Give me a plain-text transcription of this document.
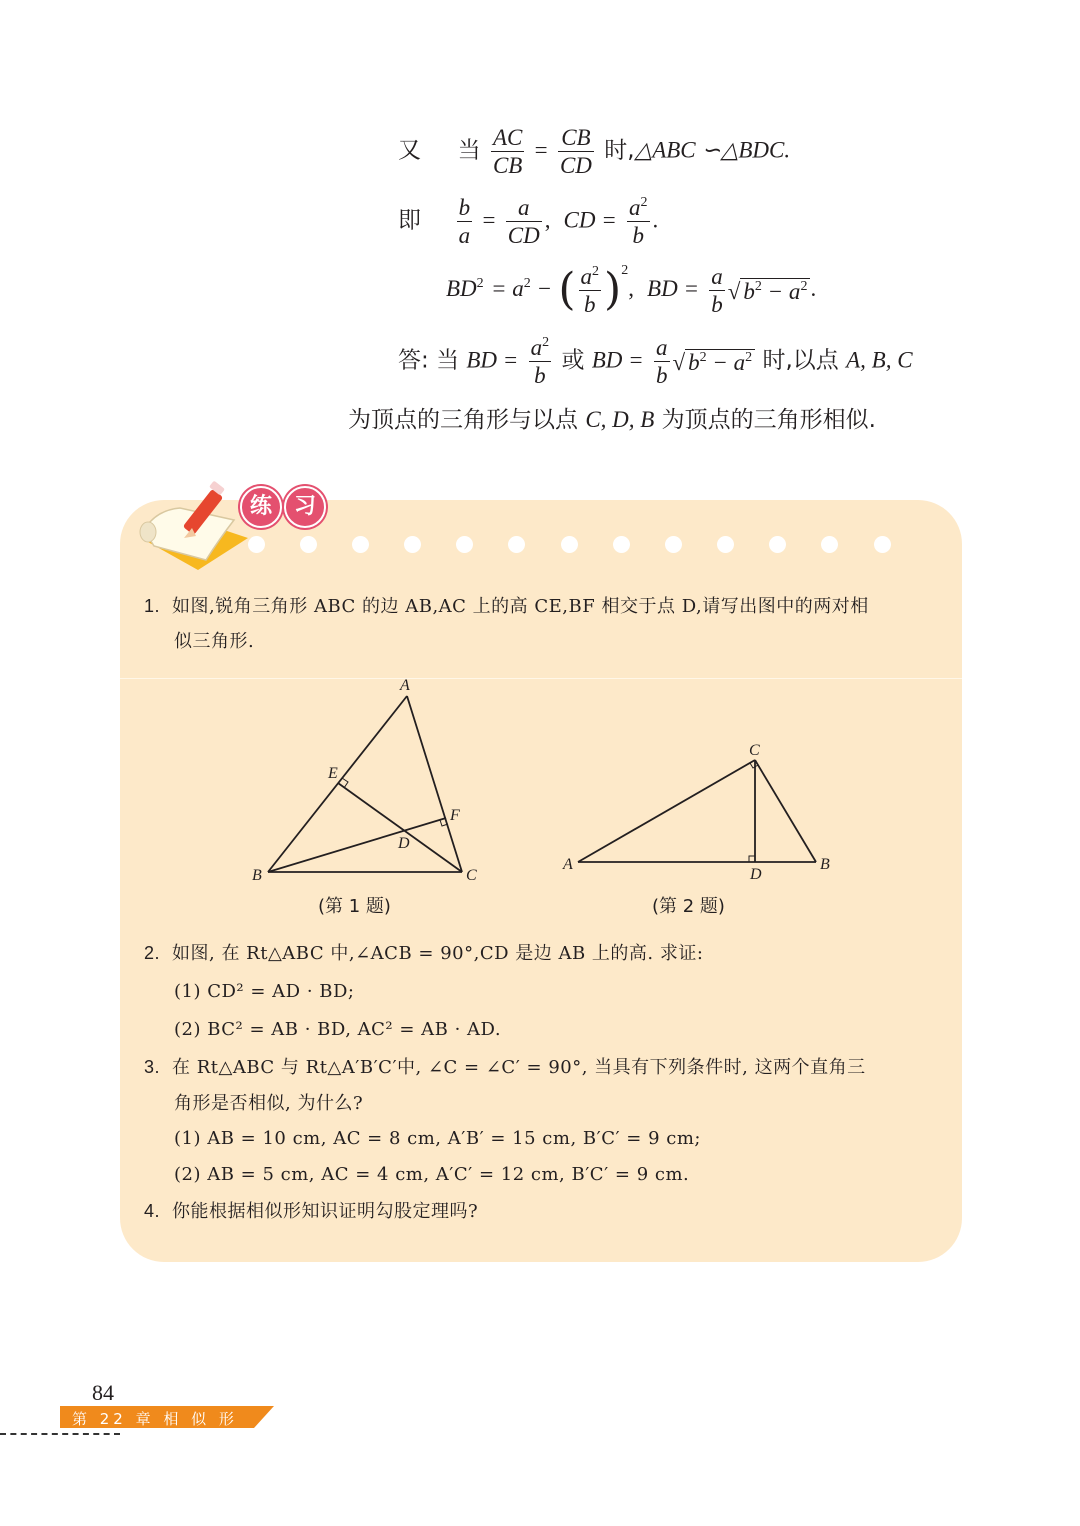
又 当 $\frac{AC}{CB} = \frac{CB}{CD}$ 时,△ABC ∽△BDC.
即 $\frac{b}{a} = \frac{a}{CD}$ ,  CD = $\frac{a^2}{b}$ .
$BD^2 = a^2$ − ( $\frac{a^2}{b} )^2$,  BD = $\frac{a}{b}$ √ $b^2 - a^2$ .
答: 当 BD = $\frac{a^2}{b}$ 或 BD = $\frac{a}{b}$ √ $b^2 - a^2$ 时,以点 A, B, C
为顶点的三角形与以点 C, D, B 为顶点的三角形相似.
练 习
1. 如图,锐角三角形 ABC 的边 AB,AC 上的高 CE,BF 相交于点 D,请写出图中的两对相
似三角形.
A
B	C
D
E
F
(第 1 题)
A	B
C
D
(第 2 题)
2. 如图, 在 Rt△ABC 中,∠ACB = 90°,CD 是边 AB 上的高. 求证:
(1) CD² = AD · BD;
(2) BC² = AB · BD, AC² = AB · AD.
3. 在 Rt△ABC 与 Rt△A′B′C′中, ∠C = ∠C′ = 90°, 当具有下列条件时, 这两个直角三
角形是否相似, 为什么?
(1) AB = 10 cm, AC = 8 cm, A′B′ = 15 cm, B′C′ = 9 cm;
(2) AB = 5 cm, AC = 4 cm, A′C′ = 12 cm, B′C′ = 9 cm.
4. 你能根据相似形知识证明勾股定理吗?
84
第 22 章 相 似 形
